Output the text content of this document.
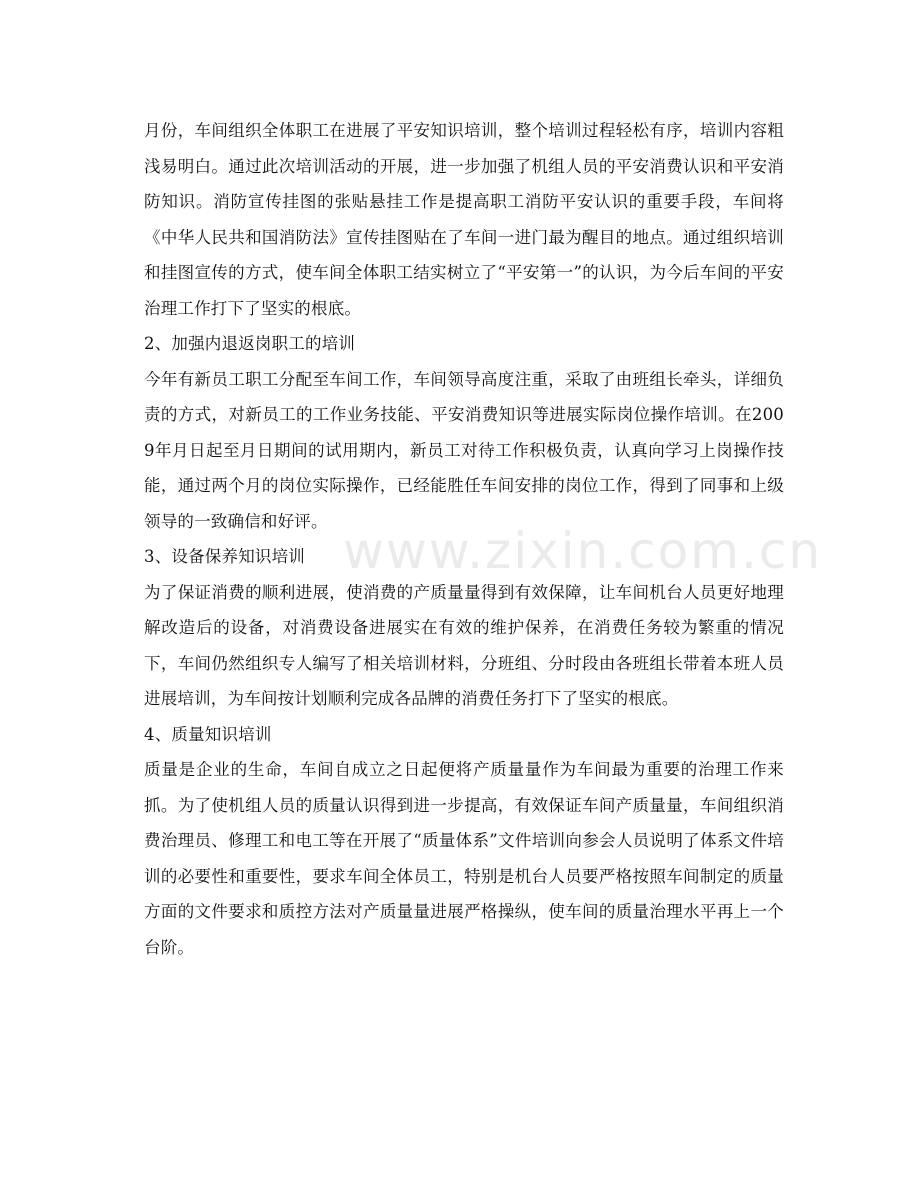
月份，车间组织全体职工在进展了平安知识培训，整个培训过程轻松有序，培训内容粗浅易明白。通过此次培训活动的开展，进一步加强了机组人员的平安消费认识和平安消防知识。消防宣传挂图的张贴悬挂工作是提高职工消防平安认识的重要手段，车间将《中华人民共和国消防法》宣传挂图贴在了车间一进门最为醒目的地点。通过组织培训和挂图宣传的方式，使车间全体职工结实树立了“平安第一”的认识，为今后车间的平安治理工作打下了坚实的根底。

2、加强内退返岗职工的培训

今年有新员工职工分配至车间工作，车间领导高度注重，采取了由班组长牵头，详细负责的方式，对新员工的工作业务技能、平安消费知识等进展实际岗位操作培训。在2009年月日起至月日期间的试用期内，新员工对待工作积极负责，认真向学习上岗操作技能，通过两个月的岗位实际操作，已经能胜任车间安排的岗位工作，得到了同事和上级领导的一致确信和好评。

3、设备保养知识培训

为了保证消费的顺利进展，使消费的产质量量得到有效保障，让车间机台人员更好地理解改造后的设备，对消费设备进展实在有效的维护保养，在消费任务较为繁重的情况下，车间仍然组织专人编写了相关培训材料，分班组、分时段由各班组长带着本班人员进展培训，为车间按计划顺利完成各品牌的消费任务打下了坚实的根底。

4、质量知识培训

质量是企业的生命，车间自成立之日起便将产质量量作为车间最为重要的治理工作来抓。为了使机组人员的质量认识得到进一步提高，有效保证车间产质量量，车间组织消费治理员、修理工和电工等在开展了“质量体系”文件培训向参会人员说明了体系文件培训的必要性和重要性，要求车间全体员工，特别是机台人员要严格按照车间制定的质量方面的文件要求和质控方法对产质量量进展严格操纵，使车间的质量治理水平再上一个台阶。

www.zixin.com.cn
